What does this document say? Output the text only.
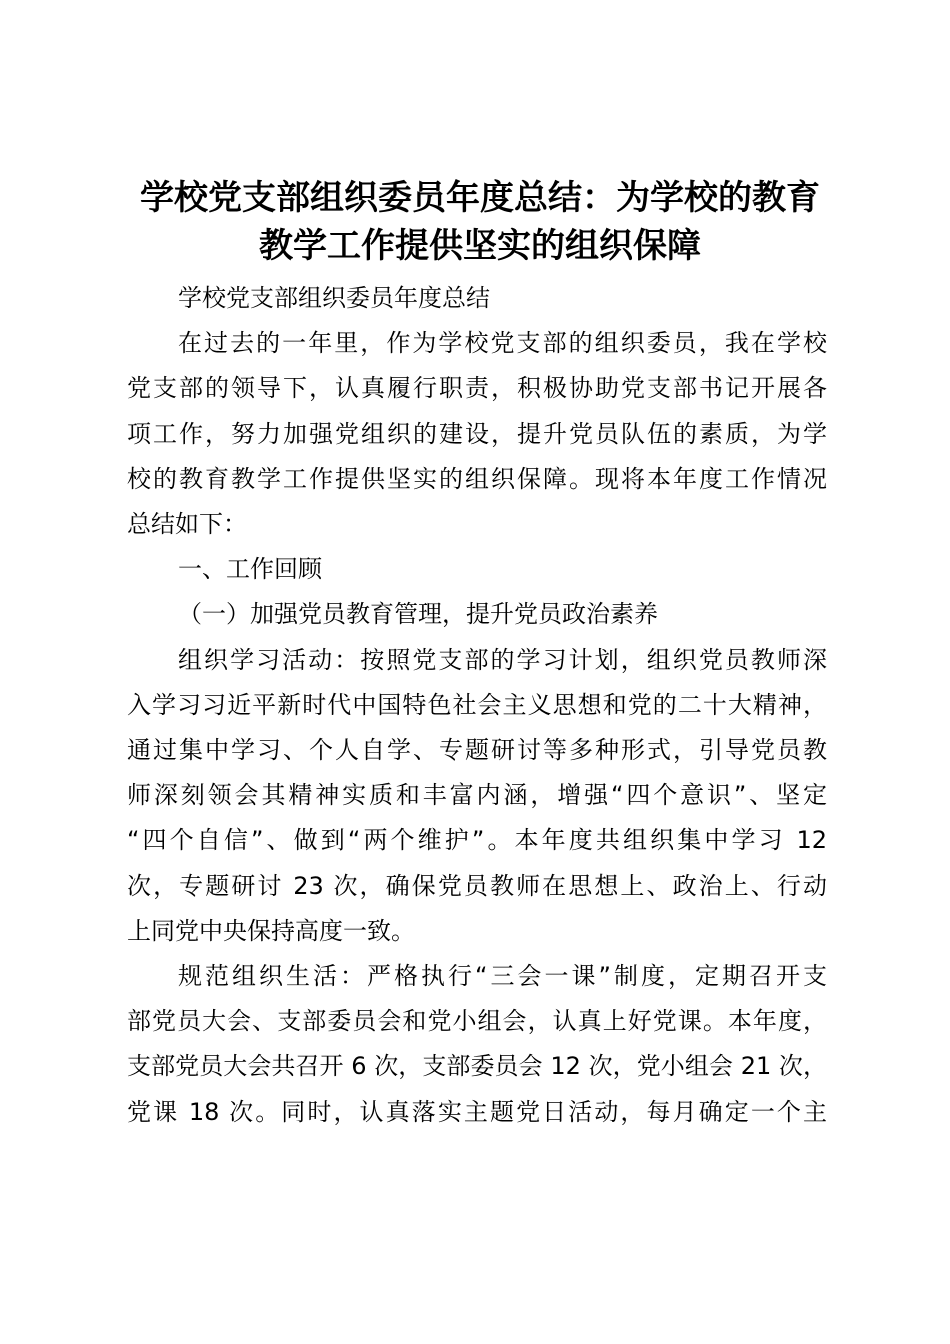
学校党支部组织委员年度总结：为学校的教育
教学工作提供坚实的组织保障
学校党支部组织委员年度总结
在过去的一年里，作为学校党支部的组织委员，我在学校
党支部的领导下，认真履行职责，积极协助党支部书记开展各
项工作，努力加强党组织的建设，提升党员队伍的素质，为学
校的教育教学工作提供坚实的组织保障。现将本年度工作情况
总结如下：
一、工作回顾
（一）加强党员教育管理，提升党员政治素养
组织学习活动：按照党支部的学习计划，组织党员教师深
入学习习近平新时代中国特色社会主义思想和党的二十大精神，
通过集中学习、个人自学、专题研讨等多种形式，引导党员教
师深刻领会其精神实质和丰富内涵，增强“四个意识”、坚定
“四个自信”、做到“两个维护”。本年度共组织集中学习 12
次，专题研讨 23 次，确保党员教师在思想上、政治上、行动
上同党中央保持高度一致。
规范组织生活：严格执行“三会一课”制度，定期召开支
部党员大会、支部委员会和党小组会，认真上好党课。本年度，
支部党员大会共召开 6 次，支部委员会 12 次，党小组会 21 次，
党课 18 次。同时，认真落实主题党日活动，每月确定一个主
